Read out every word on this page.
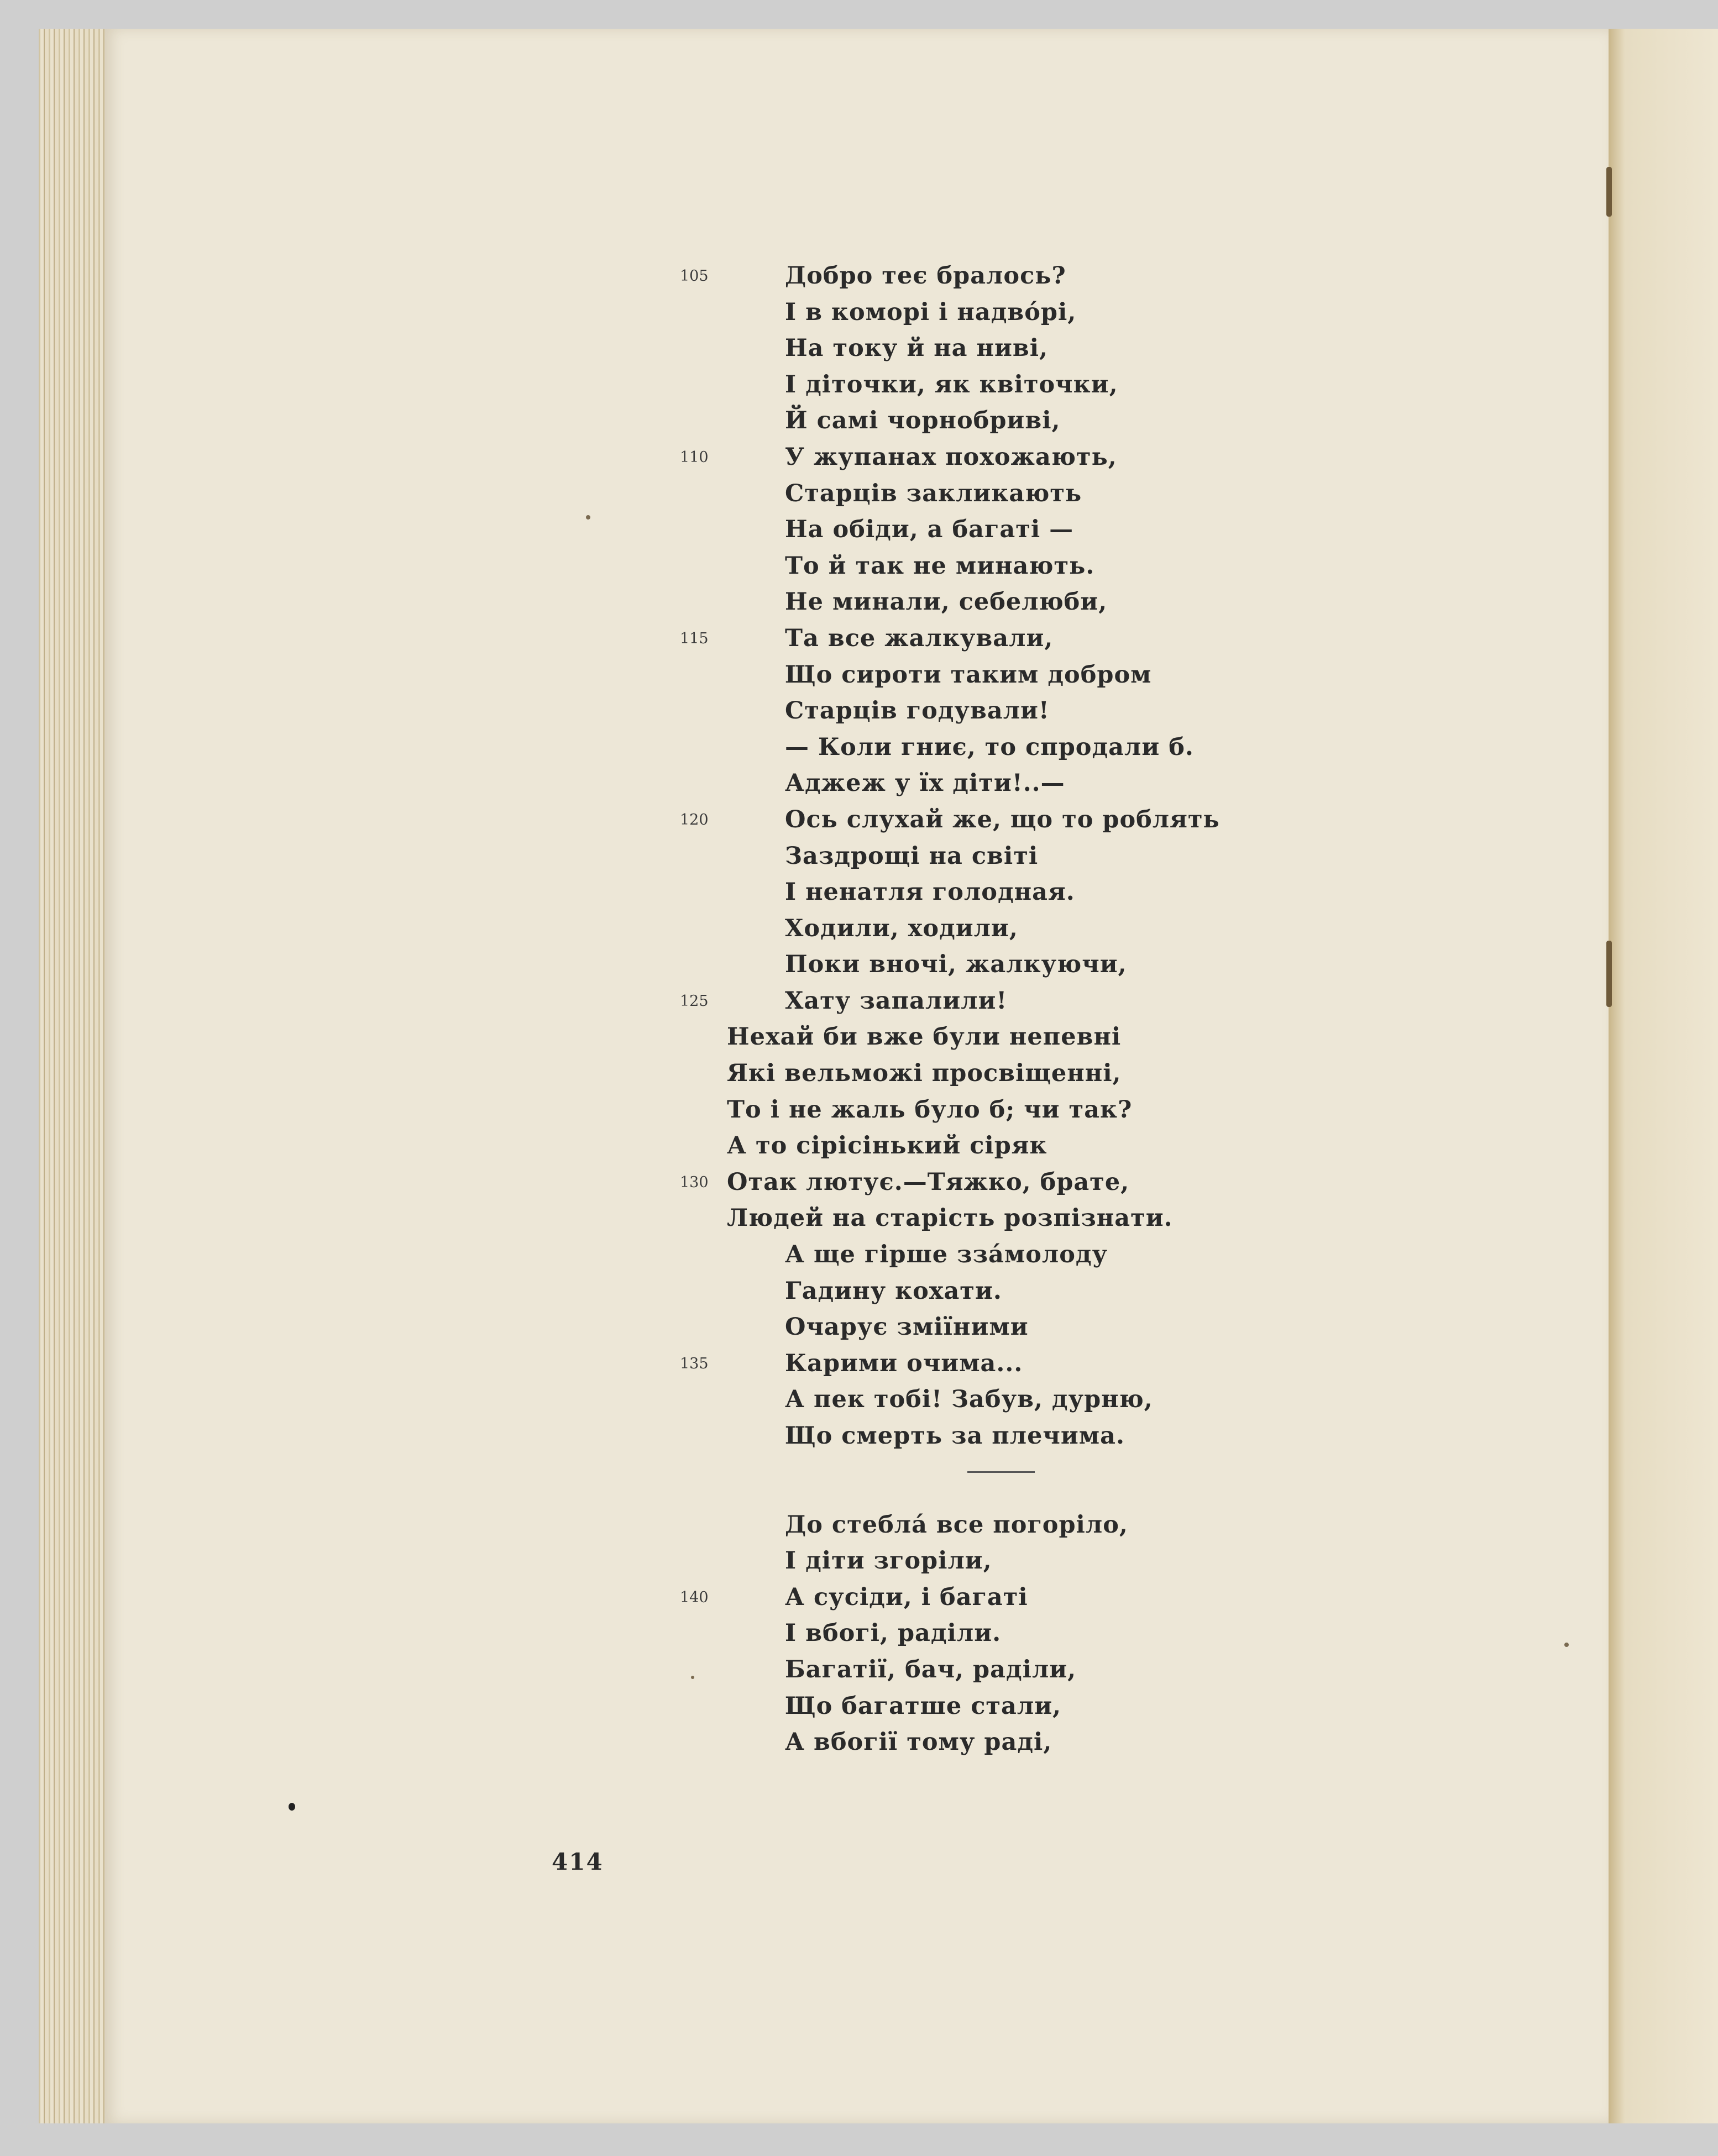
105	Добро теє бралось?
І в коморі і надвóрі,
На току й на ниві,
І діточки, як квіточки,
Й самі чорнобриві,
110	У жупанах похожають,
Старців закликають
На обіди, а багаті —
То й так не минають.
Не минали, себелюби,
115	Та все жалкували,
Що сироти таким добром
Старців годували!
— Коли гниє, то спродали б.
Аджеж у їх діти!..—
120	Ось слухай же, що то роблять
Заздрощі на світі
І ненатля голодная.
Ходили, ходили,
Поки вночі, жалкуючи,
125	Хату запалили!
Нехай би вже були непевні
Які вельможі просвіщенні,
То і не жаль було б; чи так?
А то сірісінький сіряк
130 Отак лютує.—Тяжко, брате,
Людей на старість розпізнати.
А ще гірше ззáмолоду
Гадину кохати.
Очарує зміїними
135	Карими очима...
А пек тобі! Забув, дурню,
Що смерть за плечима.
До стеблá все погоріло,
І діти згоріли,
140	А сусіди, і багаті
І вбогі, раділи.
Багатії, бач, раділи,
Що багатше стали,
А вбогії тому раді,
414
